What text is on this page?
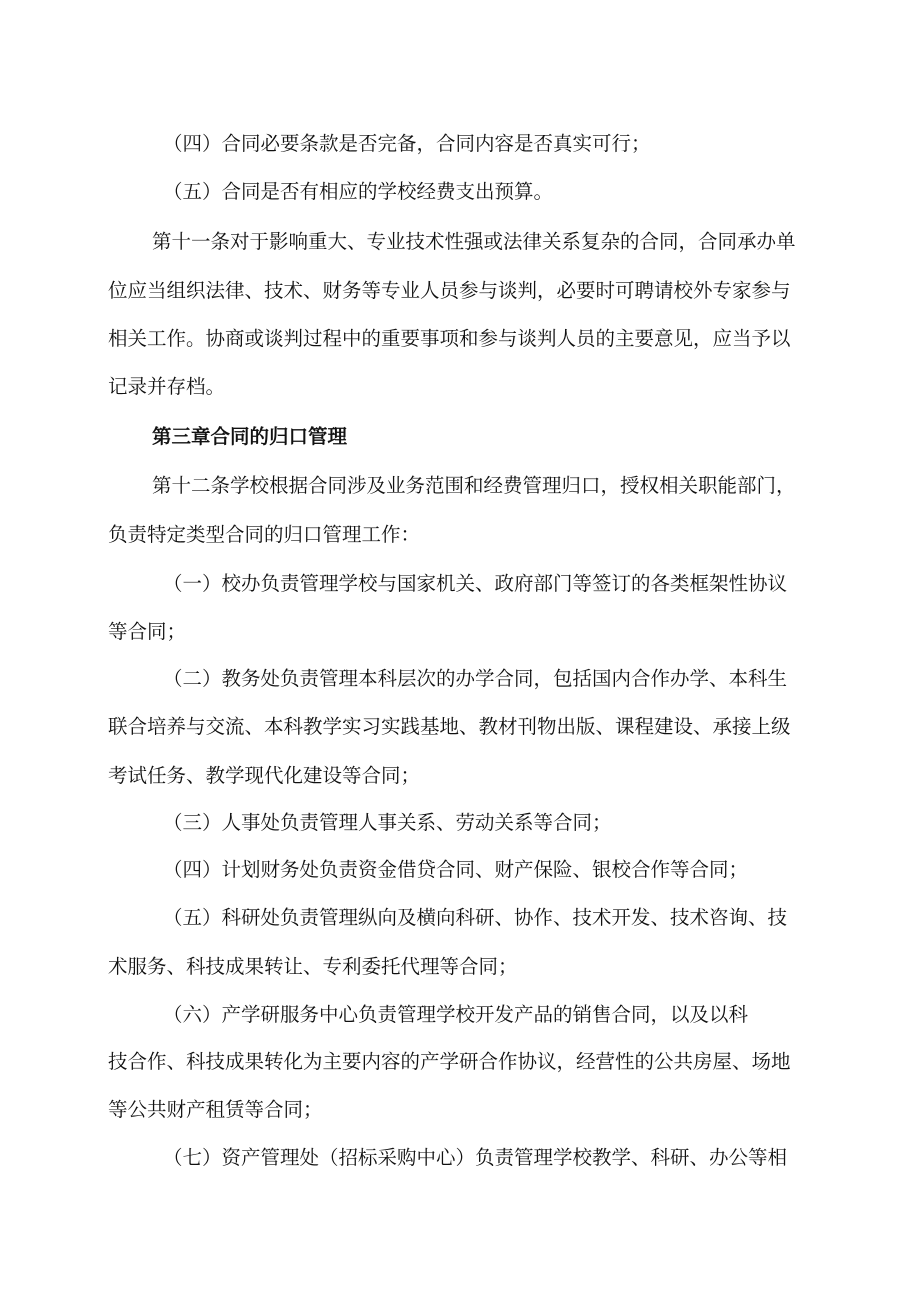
（四）合同必要条款是否完备，合同内容是否真实可行；

（五）合同是否有相应的学校经费支出预算。

第十一条对于影响重大、专业技术性强或法律关系复杂的合同，合同承办单

位应当组织法律、技术、财务等专业人员参与谈判，必要时可聘请校外专家参与

相关工作。协商或谈判过程中的重要事项和参与谈判人员的主要意见，应当予以

记录并存档。

第三章合同的归口管理

第十二条学校根据合同涉及业务范围和经费管理归口，授权相关职能部门，

负责特定类型合同的归口管理工作：

（一）校办负责管理学校与国家机关、政府部门等签订的各类框架性协议

等合同；

（二）教务处负责管理本科层次的办学合同，包括国内合作办学、本科生

联合培养与交流、本科教学实习实践基地、教材刊物出版、课程建设、承接上级

考试任务、教学现代化建设等合同；

（三）人事处负责管理人事关系、劳动关系等合同；

（四）计划财务处负责资金借贷合同、财产保险、银校合作等合同；

（五）科研处负责管理纵向及横向科研、协作、技术开发、技术咨询、技

术服务、科技成果转让、专利委托代理等合同；

（六）产学研服务中心负责管理学校开发产品的销售合同，以及以科

技合作、科技成果转化为主要内容的产学研合作协议，经营性的公共房屋、场地

等公共财产租赁等合同；

（七）资产管理处（招标采购中心）负责管理学校教学、科研、办公等相
